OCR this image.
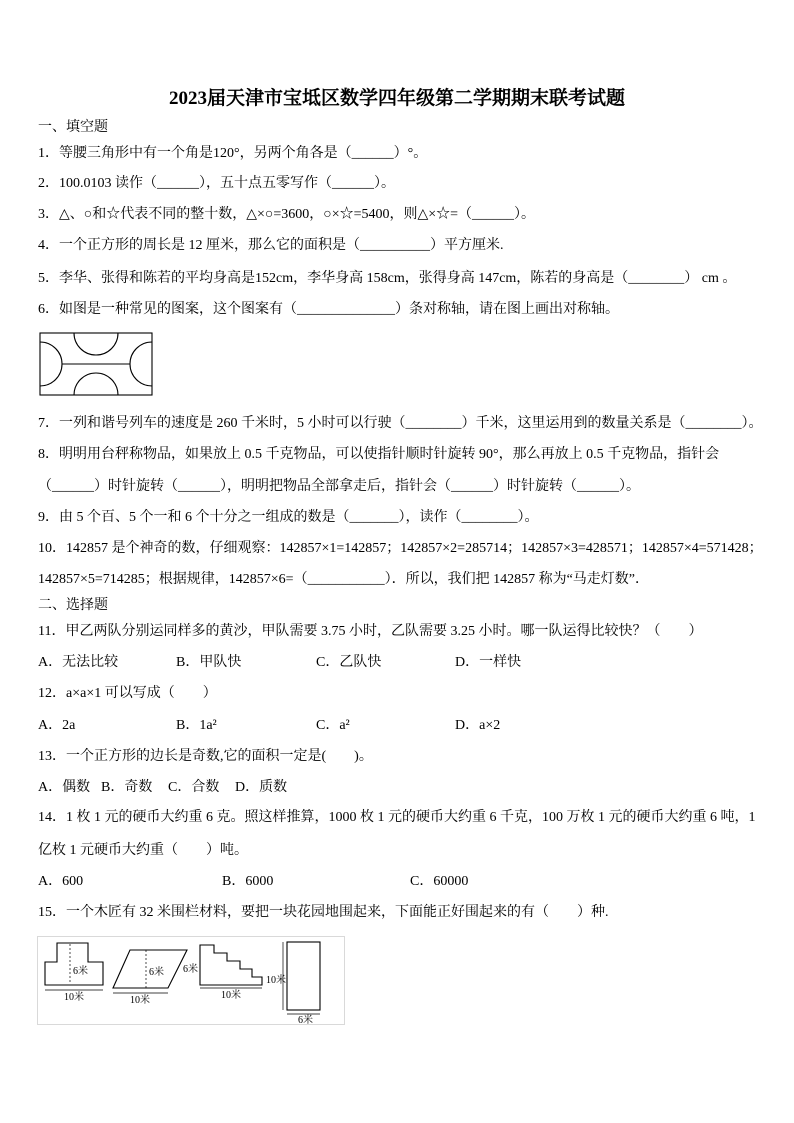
2023届天津市宝坻区数学四年级第二学期期末联考试题
一、填空题
1．等腰三角形中有一个角是120°，另两个角各是（______）°。
2．100.0103 读作（______），五十点五零写作（______）。
3．△、○和☆代表不同的整十数，△×○=3600，○×☆=5400，则△×☆=（______）。
4．一个正方形的周长是 12 厘米，那么它的面积是（__________）平方厘米.
5．李华、张得和陈若的平均身高是152cm，李华身高 158cm，张得身高 147cm，陈若的身高是（________） cm 。
6．如图是一种常见的图案，这个图案有（______________）条对称轴，请在图上画出对称轴。
7．一列和谐号列车的速度是 260 千米时，5 小时可以行驶（________）千米，这里运用到的数量关系是（________）。
8．明明用台秤称物品，如果放上 0.5 千克物品，可以使指针顺时针旋转 90°，那么再放上 0.5 千克物品，指针会
（______）时针旋转（______），明明把物品全部拿走后，指针会（______）时针旋转（______）。
9．由 5 个百、5 个一和 6 个十分之一组成的数是（_______），读作（________）。
10．142857 是个神奇的数，仔细观察：142857×1=142857；142857×2=285714；142857×3=428571；142857×4=571428；
142857×5=714285；根据规律，142857×6=（___________）．所以，我们把 142857 称为“马走灯数”．
二、选择题
11．甲乙两队分别运同样多的黄沙，甲队需要 3.75 小时，乙队需要 3.25 小时。哪一队运得比较快？（　　）
A．无法比较	B．甲队快	C．乙队快	D．一样快
12．a×a×1 可以写成（　　）
A．2a	B．1a²	C．a²	D．a×2
13．一个正方形的边长是奇数,它的面积一定是(　　)。
A．偶数 B．奇数 C．合数 D．质数
14．1 枚 1 元的硬币大约重 6 克。照这样推算，1000 枚 1 元的硬币大约重 6 千克，100 万枚 1 元的硬币大约重 6 吨，1
亿枚 1 元硬币大约重（　　）吨。
A．600	B．6000	C．60000
15．一个木匠有 32 米围栏材料，要把一块花园地围起来，下面能正好围起来的有（　　）种.
6米
10米
6米
10米
6米
10米
10米
6米
